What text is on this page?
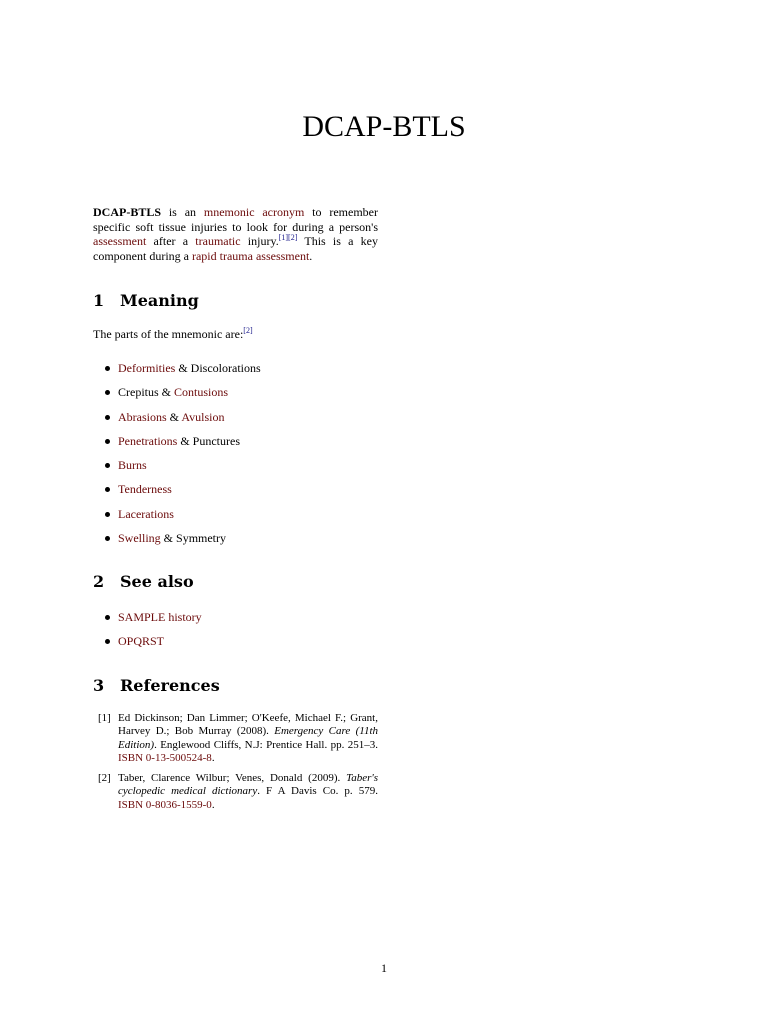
DCAP-BTLS
DCAP-BTLS is an mnemonic acronym to remember specific soft tissue injuries to look for during a person's assessment after a traumatic injury.[1][2] This is a key component during a rapid trauma assessment.
1 Meaning
The parts of the mnemonic are:[2]
Deformities & Discolorations
Crepitus & Contusions
Abrasions & Avulsion
Penetrations & Punctures
Burns
Tenderness
Lacerations
Swelling & Symmetry
2 See also
SAMPLE history
OPQRST
3 References
[1] Ed Dickinson; Dan Limmer; O'Keefe, Michael F.; Grant, Harvey D.; Bob Murray (2008). Emergency Care (11th Edition). Englewood Cliffs, N.J: Prentice Hall. pp. 251–3. ISBN 0-13-500524-8.
[2] Taber, Clarence Wilbur; Venes, Donald (2009). Taber's cyclopedic medical dictionary. F A Davis Co. p. 579. ISBN 0-8036-1559-0.
1
